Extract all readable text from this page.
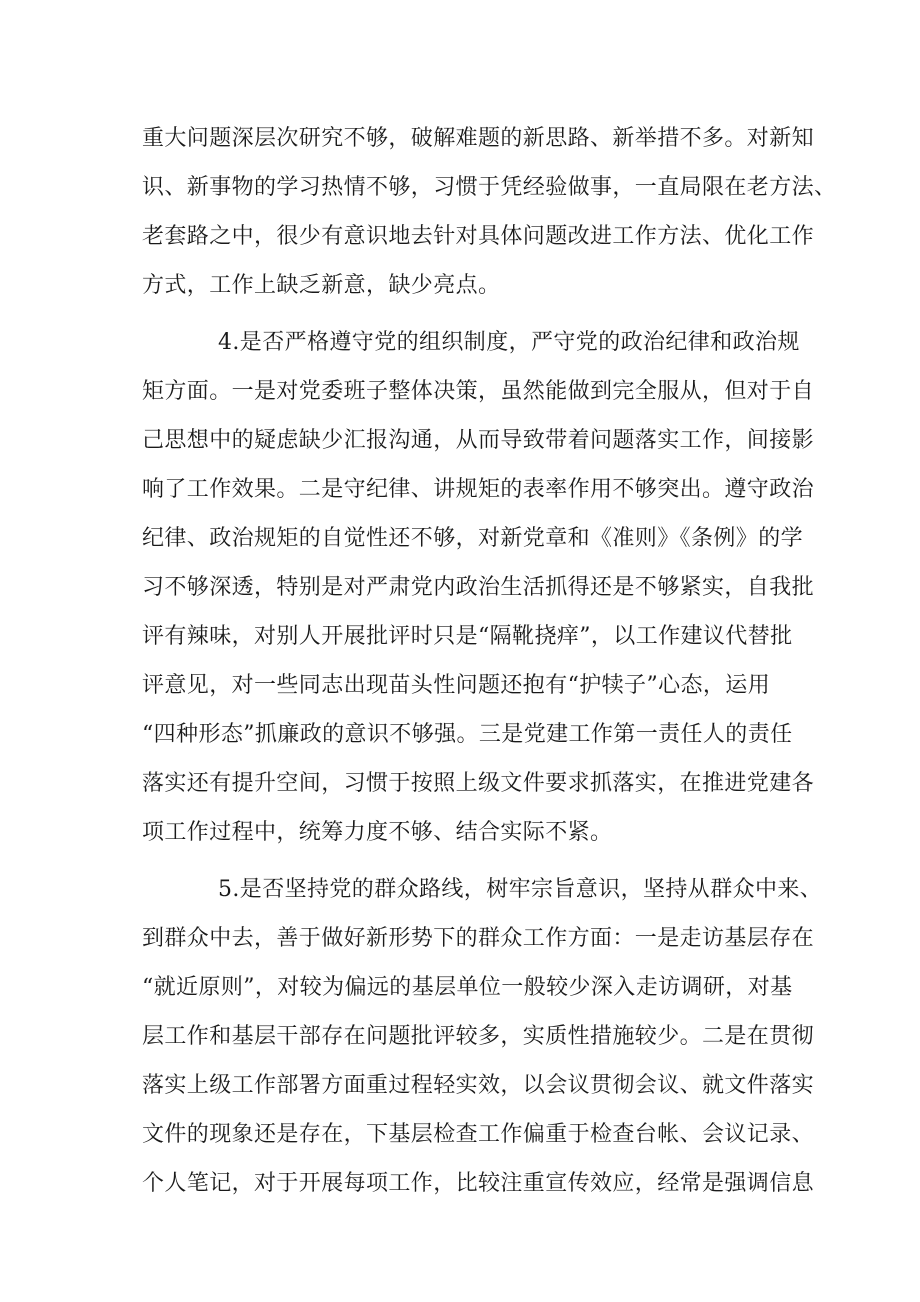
重大问题深层次研究不够，破解难题的新思路、新举措不多。对新知
识、新事物的学习热情不够，习惯于凭经验做事，一直局限在老方法、
老套路之中，很少有意识地去针对具体问题改进工作方法、优化工作
方式，工作上缺乏新意，缺少亮点。
4.是否严格遵守党的组织制度，严守党的政治纪律和政治规
矩方面。一是对党委班子整体决策，虽然能做到完全服从，但对于自
己思想中的疑虑缺少汇报沟通，从而导致带着问题落实工作，间接影
响了工作效果。二是守纪律、讲规矩的表率作用不够突出。遵守政治
纪律、政治规矩的自觉性还不够，对新党章和《准则》《条例》的学
习不够深透，特别是对严肃党内政治生活抓得还是不够紧实，自我批
评有辣味，对别人开展批评时只是“隔靴挠痒”，以工作建议代替批
评意见，对一些同志出现苗头性问题还抱有“护犊子”心态，运用
“四种形态”抓廉政的意识不够强。三是党建工作第一责任人的责任
落实还有提升空间，习惯于按照上级文件要求抓落实，在推进党建各
项工作过程中，统筹力度不够、结合实际不紧。
5.是否坚持党的群众路线，树牢宗旨意识，坚持从群众中来、
到群众中去，善于做好新形势下的群众工作方面：一是走访基层存在
“就近原则”，对较为偏远的基层单位一般较少深入走访调研，对基
层工作和基层干部存在问题批评较多，实质性措施较少。二是在贯彻
落实上级工作部署方面重过程轻实效，以会议贯彻会议、就文件落实
文件的现象还是存在，下基层检查工作偏重于检查台帐、会议记录、
个人笔记，对于开展每项工作，比较注重宣传效应，经常是强调信息
